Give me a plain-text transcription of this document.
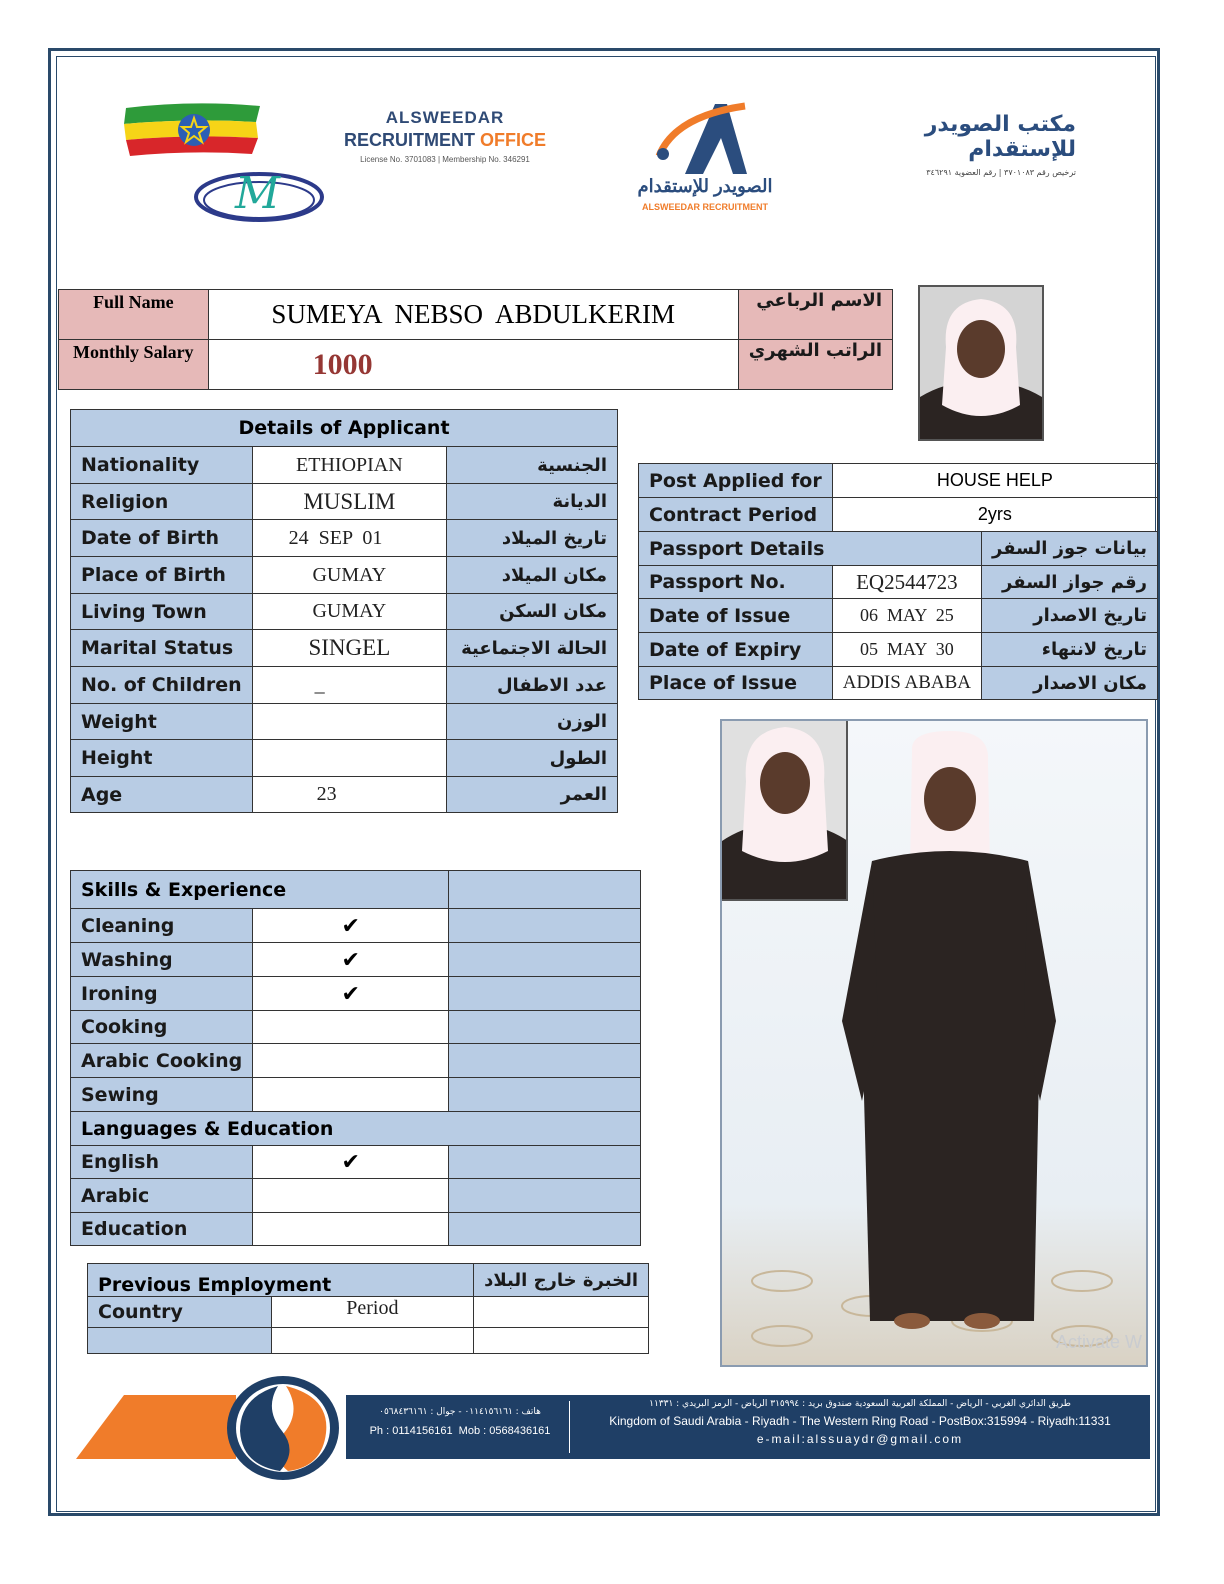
M
ALSWEEDAR
RECRUITMENT OFFICE
License No. 3701083 | Membership No. 346291
الصويدر للإستقدام
ALSWEEDAR RECRUITMENT
مكتب الصويدر للإستقدام
ترخيص رقم ٣٧٠١٠٨٣ | رقم العضوية ٣٤٦٢٩١
Full Name	SUMEYA  NEBSO  ABDULKERIM	الاسم الرباعي
Monthly Salary	1000	الراتب الشهري
Details of Applicant		
Nationality	ETHIOPIAN	الجنسية
Religion	MUSLIM	الديانة
Date of Birth	24  SEP  01	تاريخ الميلاد
Place of Birth	GUMAY	مكان الميلاد
Living Town	GUMAY	مكان السكن
Marital Status	SINGEL	الحالة الاجتماعية
No. of Children	_	عدد الاطفال
Weight		الوزن
Height		الطول
Age	23	العمر
Post Applied for	HOUSE HELP	
Contract Period	2yrs	
Passport Details		بيانات جوز السفر
Passport No.	EQ2544723	رقم جواز السفر
Date of Issue	06  MAY  25	تاريخ الاصدار
Date of Expiry	05  MAY  30	تاريخ لانتهاء
Place of Issue	ADDIS ABABA	مكان الاصدار
Skills & Experience		
Cleaning	✔	
Washing	✔	
Ironing	✔	
Cooking		
Arabic Cooking		
Sewing		
Languages & Education		
English	✔	
Arabic		
Education		
Previous Employment		الخبرة خارج البلاد
Country	Period	

Activate W
هاتف : ٠١١٤١٥٦١٦١ - جوال : ٠٥٦٨٤٣٦١٦١
Ph : 0114156161  Mob : 0568436161
طريق الدائري الغربي - الرياض - المملكة العربية السعودية صندوق بريد : ٣١٥٩٩٤ الرياض - الرمز البريدي : ١١٣٣١
Kingdom of Saudi Arabia - Riyadh - The Western Ring Road - PostBox:315994 - Riyadh:11331
e-mail:alssuaydr@gmail.com
